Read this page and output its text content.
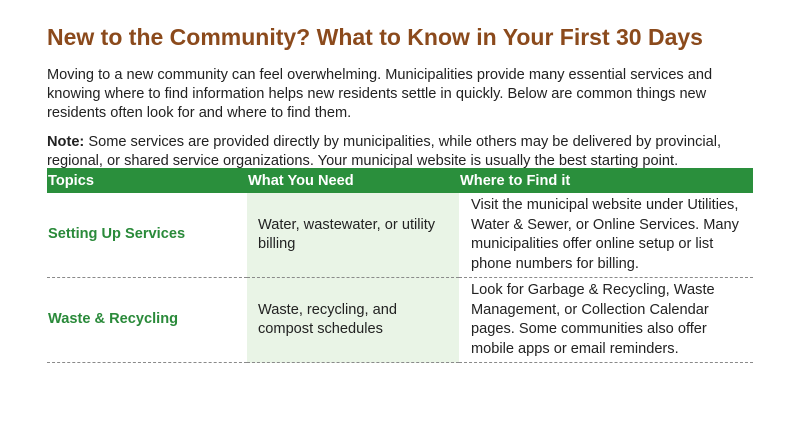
New to the Community? What to Know in Your First 30 Days

Moving to a new community can feel overwhelming. Municipalities provide many essential services and knowing where to find information helps new residents settle in quickly. Below are common things new residents often look for and where to find them.

Note: Some services are provided directly by municipalities, while others may be delivered by provincial, regional, or shared service organizations. Your municipal website is usually the best starting point.

Topics	What You Need	Where to Find it
Setting Up Services	Water, wastewater, or utility billing	Visit the municipal website under Utilities, Water & Sewer, or Online Services. Many municipalities offer online setup or list phone numbers for billing.
Waste & Recycling	Waste, recycling, and compost schedules	Look for Garbage & Recycling, Waste Management, or Collection Calendar pages. Some communities also offer mobile apps or email reminders.
